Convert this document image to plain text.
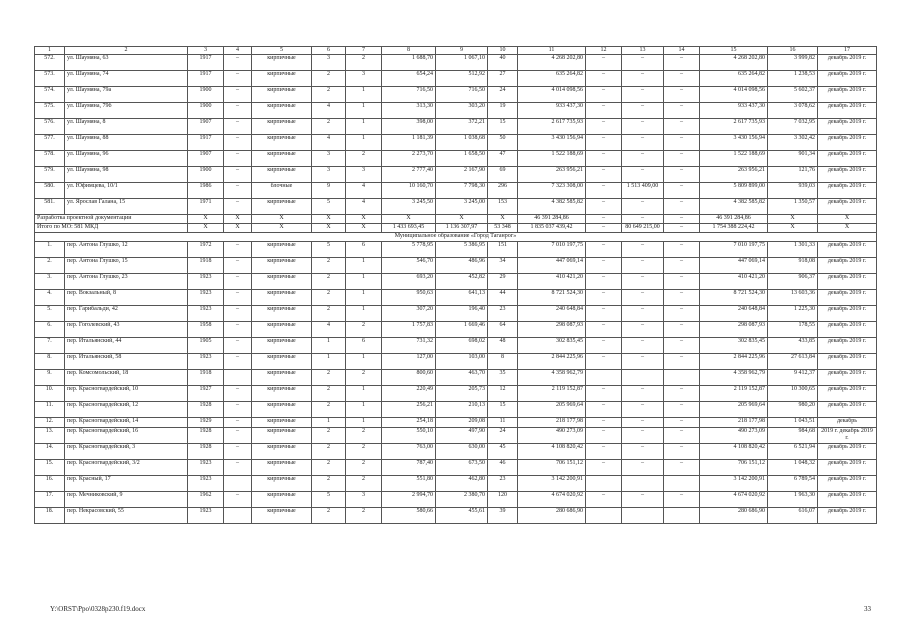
1	2	3	4	5	6	7	8	9	10	11	12	13	14	15	16	17
572.	ул. Шаумяна, 63	1917	–	кирпичные	3	2	1 688,70	1 067,10	40	4 268 202,80	–	–	–	4 268 202,80	3 999,82	декабрь 2019 г.
573.	ул. Шаумяна, 74	1917	–	кирпичные	2	3	654,24	512,92	27	635 264,82	–	–	–	635 264,82	1 238,53	декабрь 2019 г.
574.	ул. Шаумяна, 79а	1900	–	кирпичные	2	1	716,50	716,50	24	4 014 098,56	–	–	–	4 014 098,56	5 602,37	декабрь 2019 г.
575.	ул. Шаумяна, 79б	1900	–	кирпичные	4	1	313,30	303,20	19	933 437,30	–	–	–	933 437,30	3 078,62	декабрь 2019 г.
576.	ул. Шаумяна, 8	1907	–	кирпичные	2	1	398,00	372,21	15	2 617 735,93	–	–	–	2 617 735,93	7 032,95	декабрь 2019 г.
577.	ул. Шаумяна, 88	1917	–	кирпичные	4	1	1 181,39	1 038,68	50	3 430 156,94	–	–	–	3 430 156,94	3 302,42	декабрь 2019 г.
578.	ул. Шаумяна, 96	1907	–	кирпичные	3	2	2 273,70	1 658,50	47	1 522 188,69	–	–	–	1 522 188,69	901,34	декабрь 2019 г.
579.	ул. Шаумяна, 98	1900	–	кирпичные	3	3	2 777,40	2 167,90	69	263 956,21	–	–	–	263 956,21	121,76	декабрь 2019 г.
580.	ул. Юфимцева, 10/1	1986	–	блочные	9	4	10 160,70	7 798,30	296	7 323 308,00	–	1 513 409,00	–	5 809 899,00	939,03	декабрь 2019 г.
581.	ул. Ярослав Галана, 15	1971	–	кирпичные	5	4	3 245,50	3 245,00	153	4 382 585,82	–	–	–	4 382 585,82	1 350,57	декабрь 2019 г.
Разработка проектной документации		X	X	X	X	X	X	X	X	46 391 284,86	–	–	–	46 391 284,86	X	X
Итого по МО: 581 МКД		X	X	X	X	X	1 433 693,45	1 136 307,97	53 348	1 835 037 439,42	–	80 649 215,00	–	1 754 388 224,42	X	X
Муниципальное образование «Город Таганрог»																
1.	пер. Антона Глушко, 12	1972	–	кирпичные	5	6	5 778,95	5 386,95	151	7 010 197,75	–	–	–	7 010 197,75	1 301,33	декабрь 2019 г.
2.	пер. Антона Глушко, 15	1918	–	кирпичные	2	1	546,70	486,96	34	447 069,14	–	–	–	447 069,14	918,08	декабрь 2019 г.
3.	пер. Антона Глушко, 23	1923	–	кирпичные	2	1	693,20	452,82	29	410 421,20	–	–	–	410 421,20	906,37	декабрь 2019 г.
4.	пер. Вокзальный, 8	1923	–	кирпичные	2	1	950,63	641,13	44	8 721 524,30	–	–	–	8 721 524,30	13 603,36	декабрь 2019 г.
5.	пер. Гарибальди, 42	1923	–	кирпичные	2	1	307,20	196,40	23	240 648,84	–	–	–	240 648,84	1 225,30	декабрь 2019 г.
6.	пер. Гоголевский, 43	1958	–	кирпичные	4	2	1 757,83	1 669,46	64	298 087,93	–	–	–	298 087,93	178,55	декабрь 2019 г.
7.	пер. Итальянский, 44	1905	–	кирпичные	1	6	731,32	698,02	48	302 835,45	–	–	–	302 835,45	433,85	декабрь 2019 г.
8.	пер. Итальянский, 58	1923	–	кирпичные	1	1	127,00	103,00	8	2 844 225,96	–	–	–	2 844 225,96	27 613,84	декабрь 2019 г.
9.	пер. Комсомольский, 18	1918		кирпичные	2	2	800,60	463,70	35	4 358 962,79				4 358 962,79	9 412,37	декабрь 2019 г.
10.	пер. Красногвардейский, 10	1927	–	кирпичные	2	1	220,49	205,73	12	2 119 152,87	–	–	–	2 119 152,87	10 300,65	декабрь 2019 г.
11.	пер. Красногвардейский, 12	1928	–	кирпичные	2	1	256,21	210,13	15	205 969,64	–	–	–	205 969,64	980,20	декабрь 2019 г.
12.	пер. Красногвардейский, 14	1929	–	кирпичные	1	1	254,18	209,08	11	218 177,98	–	–	–	218 177,98	1 043,51	декабрь
13.	пер. Красногвардейский, 16	1928	–	кирпичные	2	2	550,10	497,90	24	490 273,09	–	–	–	490 273,09	984,68	2019 г. декабрь 2019 г.
14.	пер. Красногвардейский, 3	1928	–	кирпичные	2	2	763,00	630,00	45	4 108 820,42	–	–	–	4 108 820,42	6 521,94	декабрь 2019 г.
15.	пер. Красногвардейский, 3/2	1923	–	кирпичные	2	2	787,40	673,50	46	706 151,12	–	–	–	706 151,12	1 048,32	декабрь 2019 г.
16.	пер. Красный, 17	1923		кирпичные	2	2	551,80	462,80	23	3 142 200,91				3 142 200,91	6 789,54	декабрь 2019 г.
17.	пер. Мечниковский, 9	1962	–	кирпичные	5	3	2 994,70	2 380,70	120	4 674 020,92	–	–	–	4 674 020,92	1 963,30	декабрь 2019 г.
18.	пер. Некрасовский, 55	1923		кирпичные	2	2	580,66	455,61	39	280 686,90				280 686,90	616,07	декабрь 2019 г.
Y:\ORST\Ppo\0328p230.f19.docx	33
